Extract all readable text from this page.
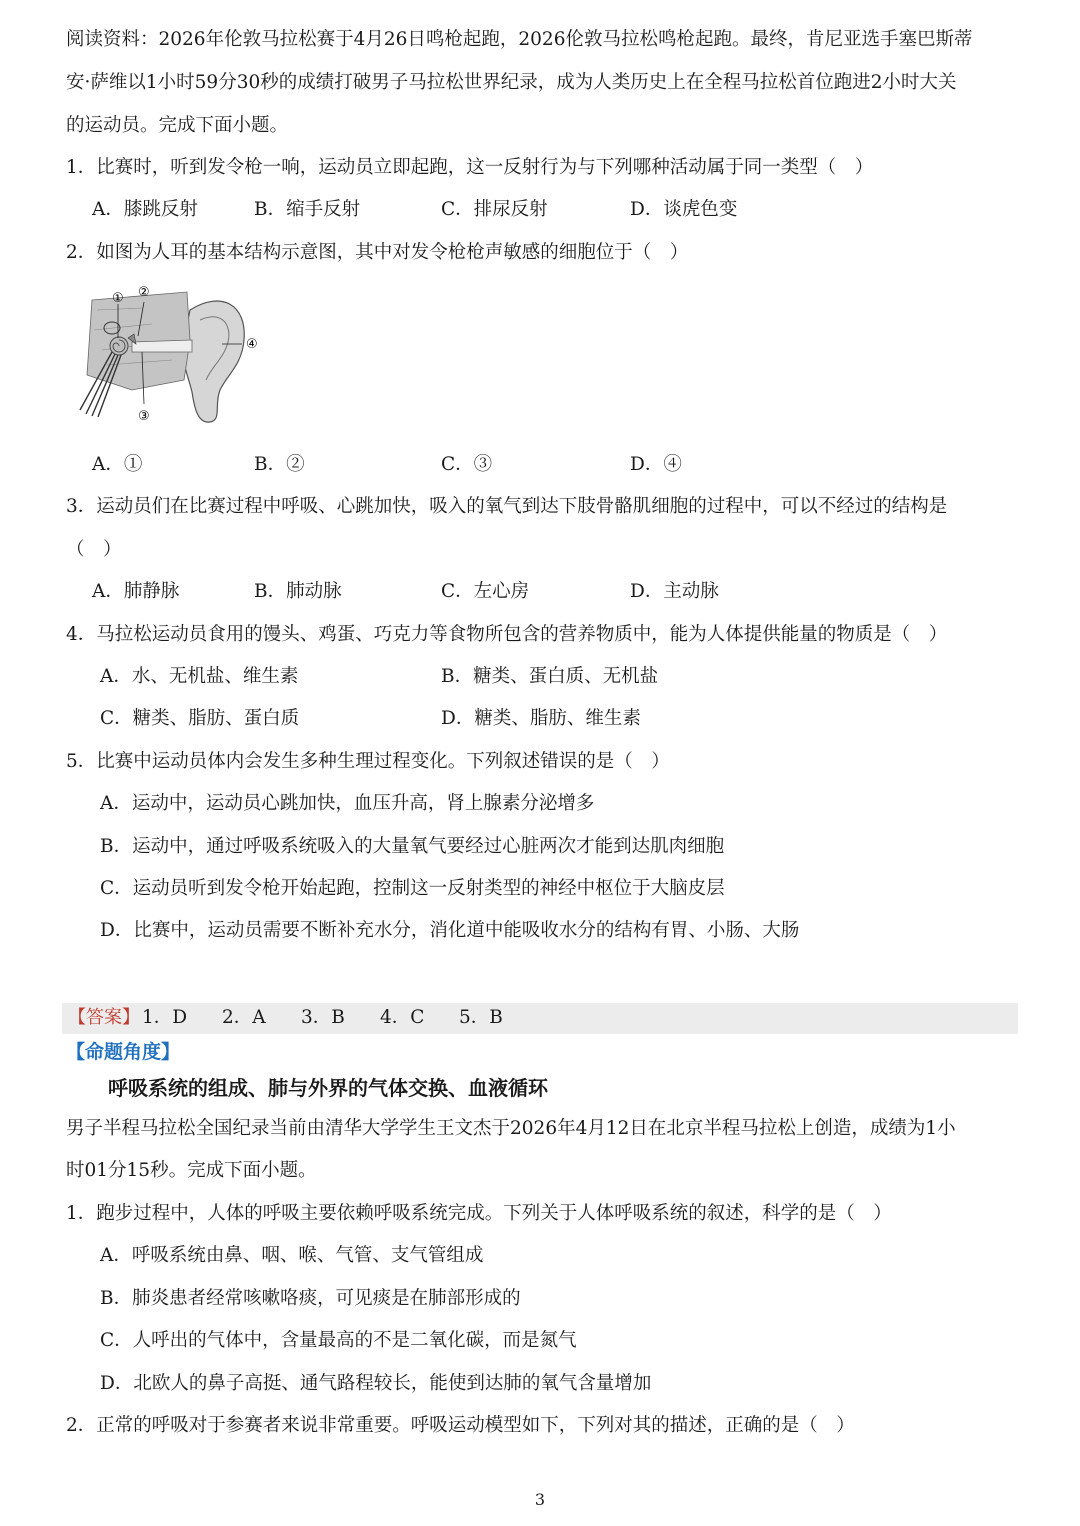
阅读资料：2026年伦敦马拉松赛于4月26日鸣枪起跑，2026伦敦马拉松鸣枪起跑。最终，肯尼亚选手塞巴斯蒂
安·萨维以1小时59分30秒的成绩打破男子马拉松世界纪录，成为人类历史上在全程马拉松首位跑进2小时大关
的运动员。完成下面小题。
1．比赛时，听到发令枪一响，运动员立即起跑，这一反射行为与下列哪种活动属于同一类型（　）
A．膝跳反射	B．缩手反射	C．排尿反射	D．谈虎色变
2．如图为人耳的基本结构示意图，其中对发令枪枪声敏感的细胞位于（　）
① ②
③
④
A．①	B．②	C．③	D．④
3．运动员们在比赛过程中呼吸、心跳加快，吸入的氧气到达下肢骨骼肌细胞的过程中，可以不经过的结构是
（　）
A．肺静脉	B．肺动脉	C．左心房	D．主动脉
4．马拉松运动员食用的馒头、鸡蛋、巧克力等食物所包含的营养物质中，能为人体提供能量的物质是（　）
A．水、无机盐、维生素	B．糖类、蛋白质、无机盐
C．糖类、脂肪、蛋白质	D．糖类、脂肪、维生素
5．比赛中运动员体内会发生多种生理过程变化。下列叙述错误的是（　）
A．运动中，运动员心跳加快，血压升高，肾上腺素分泌增多
B．运动中，通过呼吸系统吸入的大量氧气要经过心脏两次才能到达肌肉细胞
C．运动员听到发令枪开始起跑，控制这一反射类型的神经中枢位于大脑皮层
D．比赛中，运动员需要不断补充水分，消化道中能吸收水分的结构有胃、小肠、大肠
【答案】 1．D 2．A 3．B 4．C 5．B
【命题角度】
呼吸系统的组成、肺与外界的气体交换、血液循环
男子半程马拉松全国纪录当前由清华大学学生王文杰于2026年4月12日在北京半程马拉松上创造，成绩为1小
时01分15秒。完成下面小题。
1．跑步过程中，人体的呼吸主要依赖呼吸系统完成。下列关于人体呼吸系统的叙述，科学的是（　）
A．呼吸系统由鼻、咽、喉、气管、支气管组成
B．肺炎患者经常咳嗽咯痰，可见痰是在肺部形成的
C．人呼出的气体中，含量最高的不是二氧化碳，而是氮气
D．北欧人的鼻子高挺、通气路程较长，能使到达肺的氧气含量增加
2．正常的呼吸对于参赛者来说非常重要。呼吸运动模型如下，下列对其的描述，正确的是（　）
3
